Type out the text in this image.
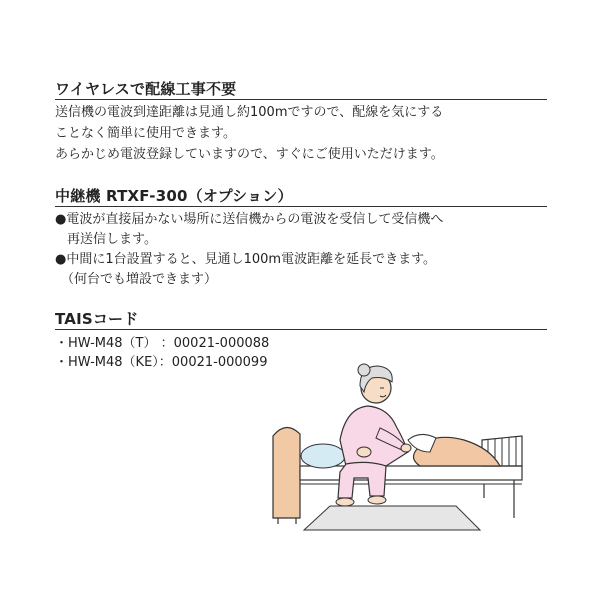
ワイヤレスで配線工事不要
送信機の電波到達距離は見通し約100mですので、配線を気にする
ことなく簡単に使用できます。
あらかじめ電波登録していますので、すぐにご使用いただけます。
中継機 RTXF-300（オプション）
●電波が直接届かない場所に送信機からの電波を受信して受信機へ
再送信します。
●中間に1台設置すると、見通し100m電波距離を延長できます。
（何台でも増設できます）
TAISコード
・HW-M48（T） ：00021-000088
・HW-M48（KE）：00021-000099
